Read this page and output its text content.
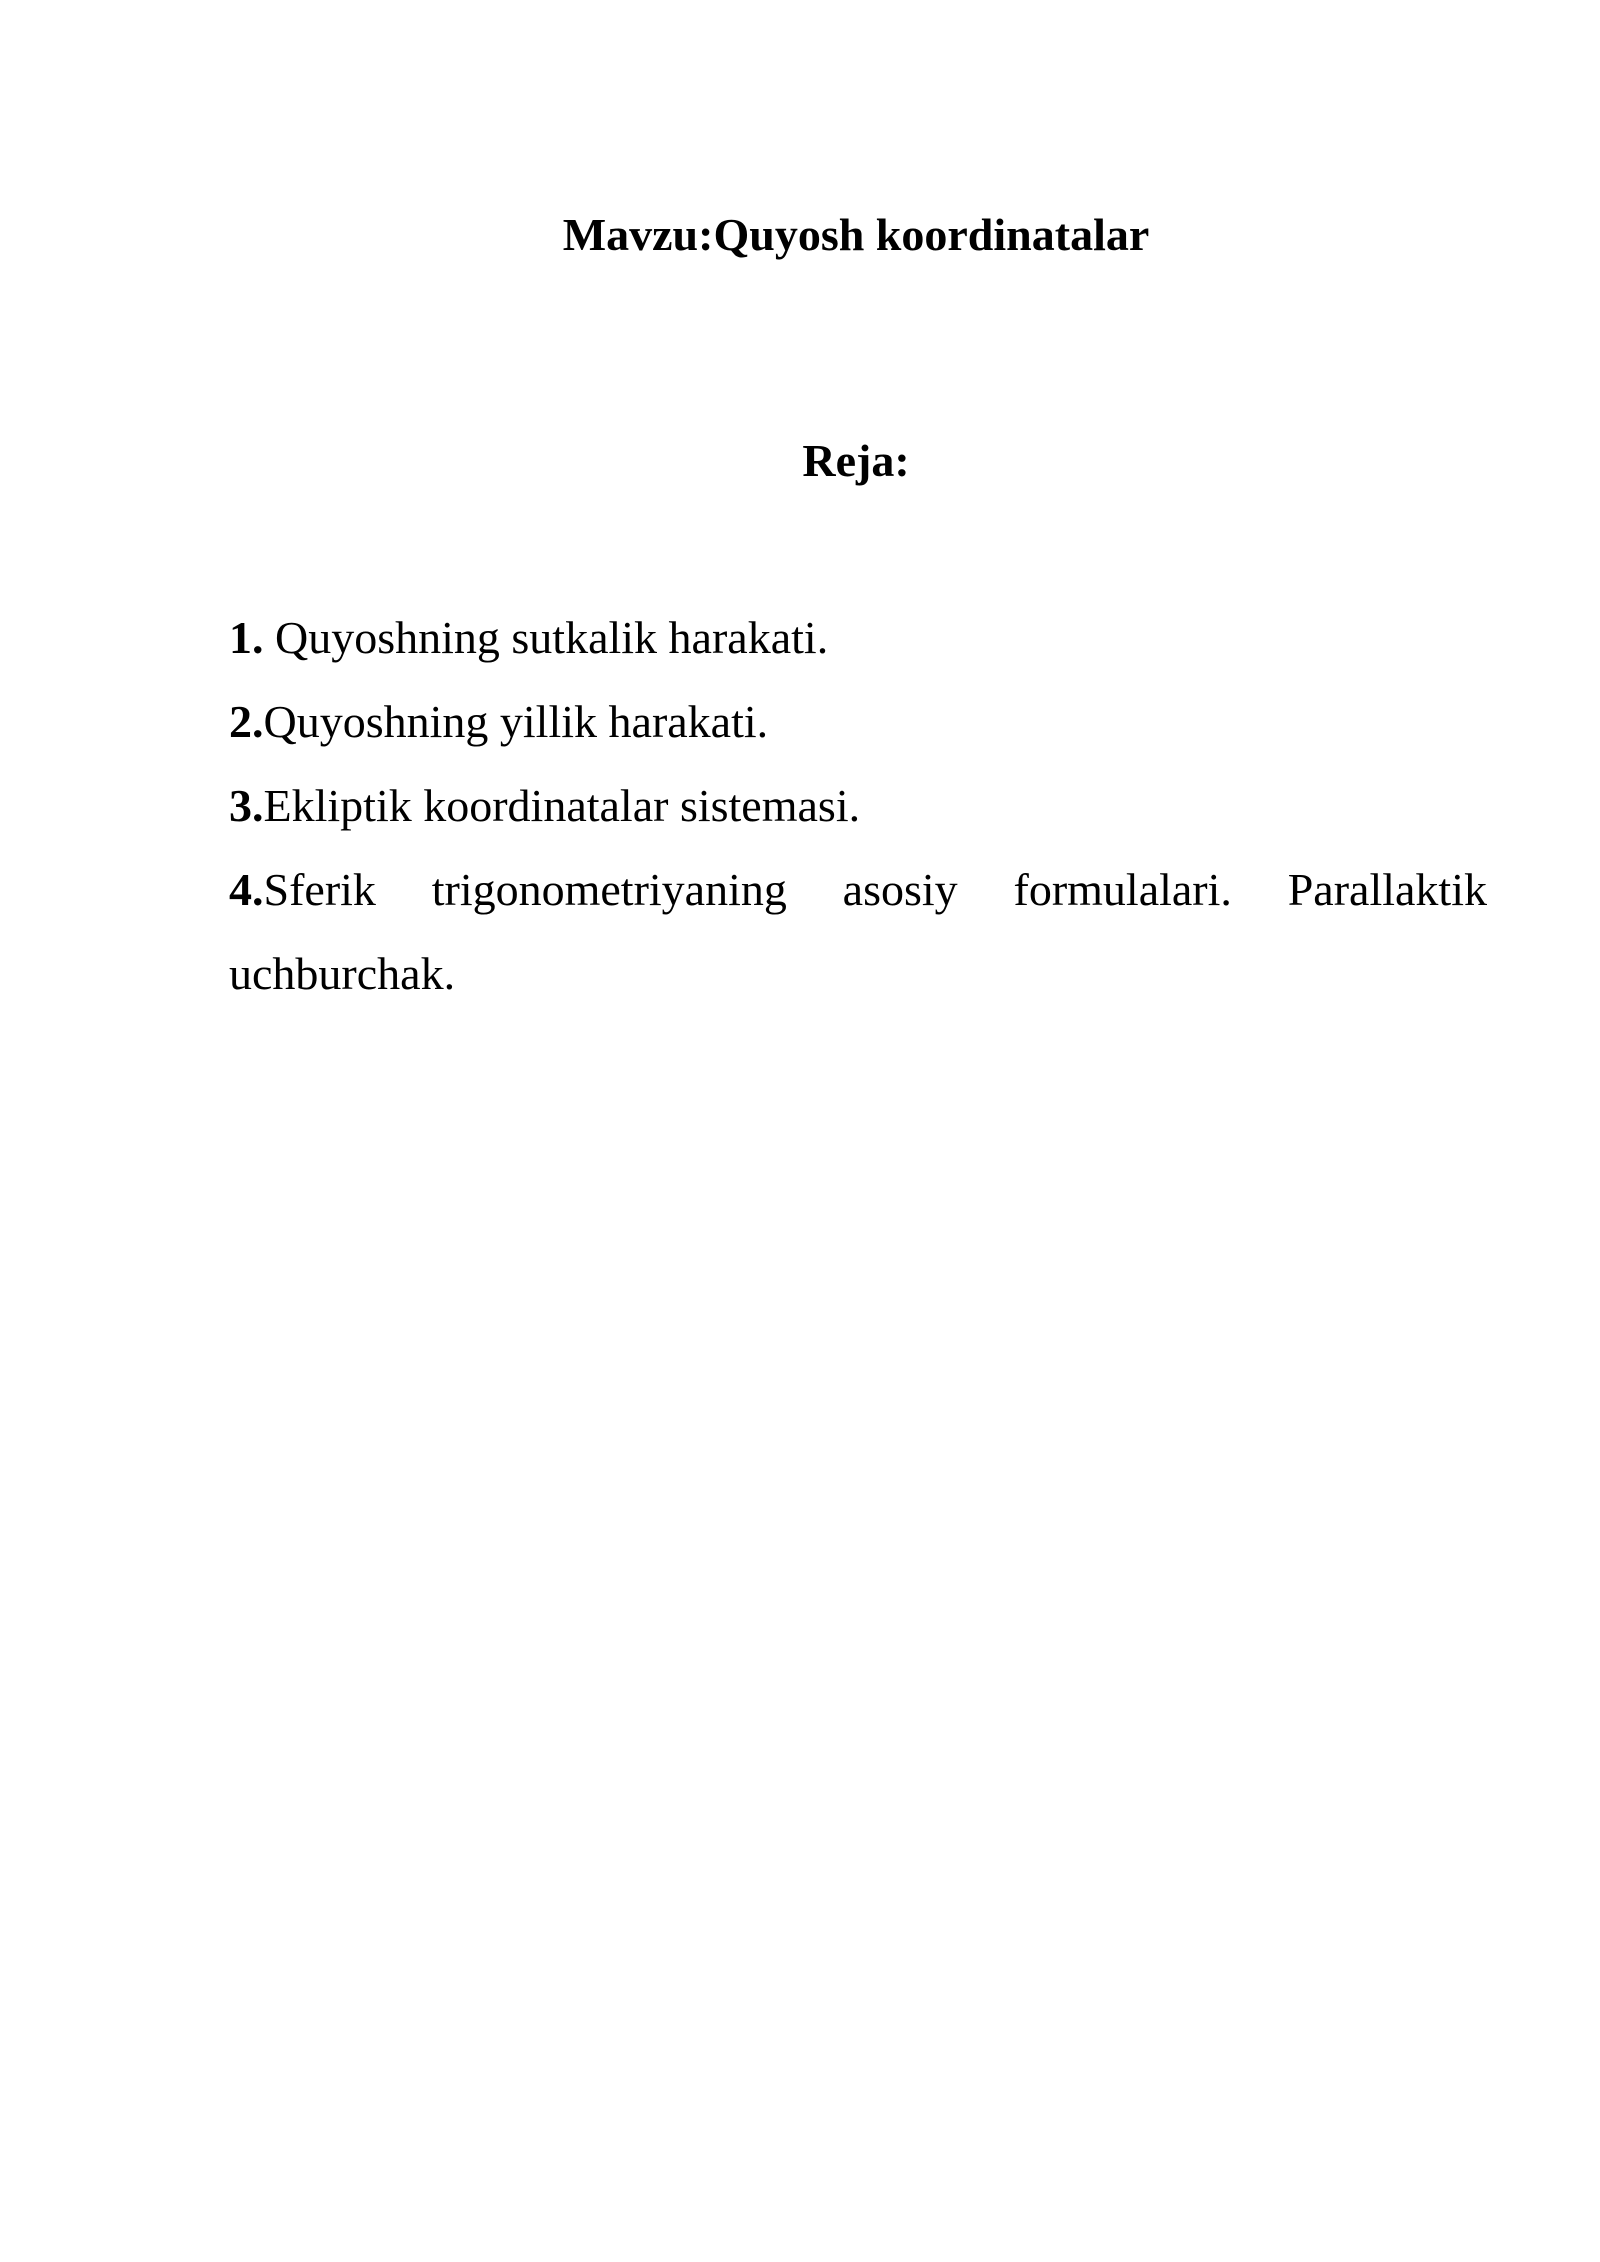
Mavzu:Quyosh koordinatalar
Reja:
1. Quyoshning sutkalik harakati.
2.Quyoshning yillik harakati.
3.Ekliptik koordinatalar sistemasi.
4.Sferik trigonometriyaning asosiy formulalari. Parallaktik uchburchak.
